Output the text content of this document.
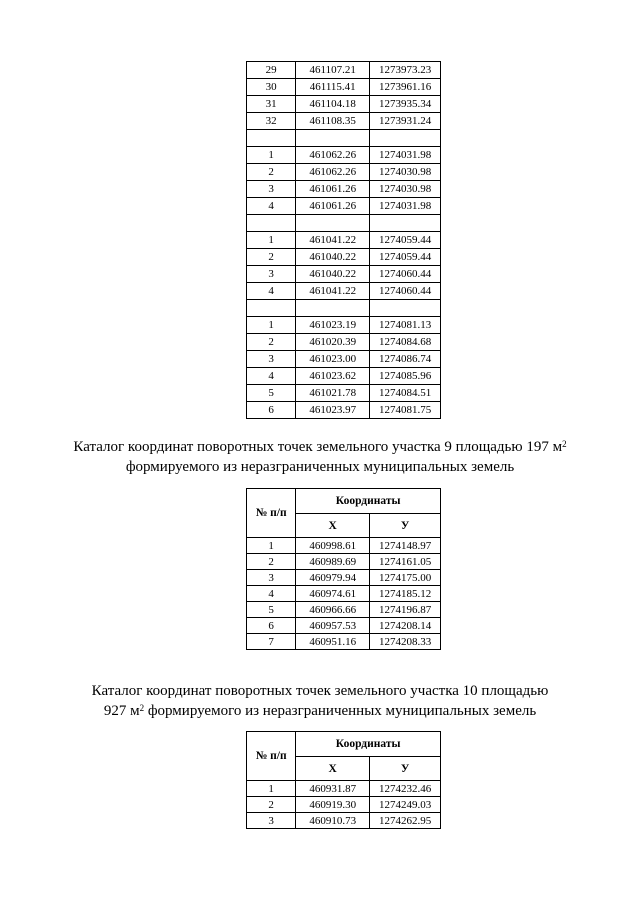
29	461107.21	1273973.23
30	461115.41	1273961.16
31	461104.18	1273935.34
32	461108.35	1273931.24

1	461062.26	1274031.98
2	461062.26	1274030.98
3	461061.26	1274030.98
4	461061.26	1274031.98

1	461041.22	1274059.44
2	461040.22	1274059.44
3	461040.22	1274060.44
4	461041.22	1274060.44

1	461023.19	1274081.13
2	461020.39	1274084.68
3	461023.00	1274086.74
4	461023.62	1274085.96
5	461021.78	1274084.51
6	461023.97	1274081.75
Каталог координат поворотных точек земельного участка 9 площадью 197 $м^2$
формируемого из неразграниченных муниципальных земель
№ п/п	Координаты	
	Х	У
1	460998.61	1274148.97
2	460989.69	1274161.05
3	460979.94	1274175.00
4	460974.61	1274185.12
5	460966.66	1274196.87
6	460957.53	1274208.14
7	460951.16	1274208.33
Каталог координат поворотных точек земельного участка 10 площадью
927 $м^2$ формируемого из неразграниченных муниципальных земель
№ п/п	Координаты	
	Х	У
1	460931.87	1274232.46
2	460919.30	1274249.03
3	460910.73	1274262.95
